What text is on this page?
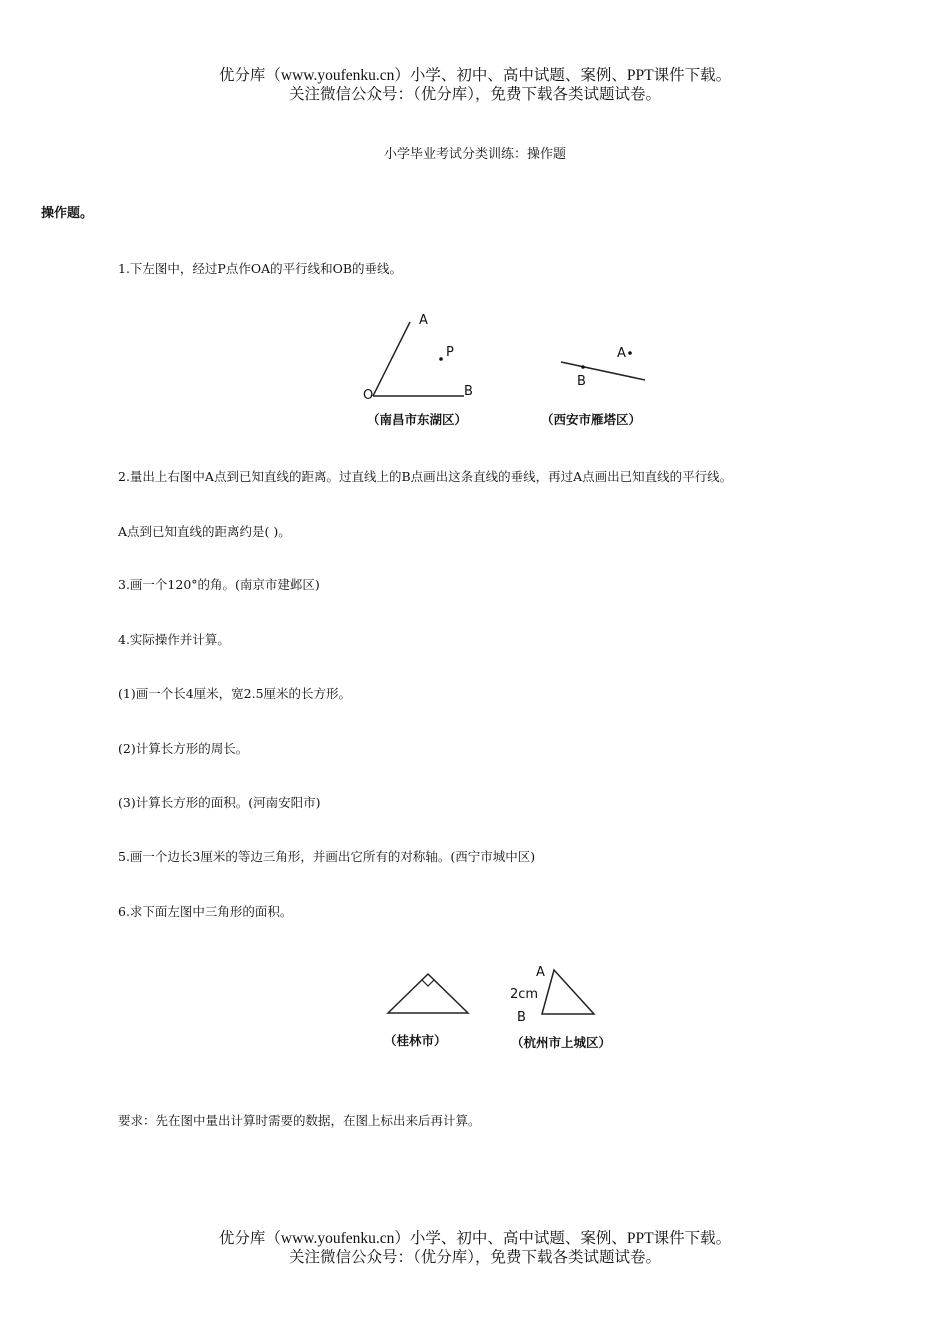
优分库（www.youfenku.cn）小学、初中、高中试题、案例、PPT课件下载。
关注微信公众号：（优分库），免费下载各类试题试卷。
小学毕业考试分类训练：操作题
操作题。
1.下左图中，经过P点作OA的平行线和OB的垂线。
A
P
O	B
（南昌市东湖区）
A
B
（西安市雁塔区）
2.量出上右图中A点到已知直线的距离。过直线上的B点画出这条直线的垂线，再过A点画出已知直线的平行线。
A点到已知直线的距离约是( )。
3.画一个120°的角。(南京市建邺区)
4.实际操作并计算。
(1)画一个长4厘米，宽2.5厘米的长方形。
(2)计算长方形的周长。
(3)计算长方形的面积。(河南安阳市)
5.画一个边长3厘米的等边三角形，并画出它所有的对称轴。(西宁市城中区)
6.求下面左图中三角形的面积。
（桂林市）
A
2cm
B
（杭州市上城区）
要求：先在图中量出计算时需要的数据，在图上标出来后再计算。
优分库（www.youfenku.cn）小学、初中、高中试题、案例、PPT课件下载。
关注微信公众号：（优分库），免费下载各类试题试卷。
